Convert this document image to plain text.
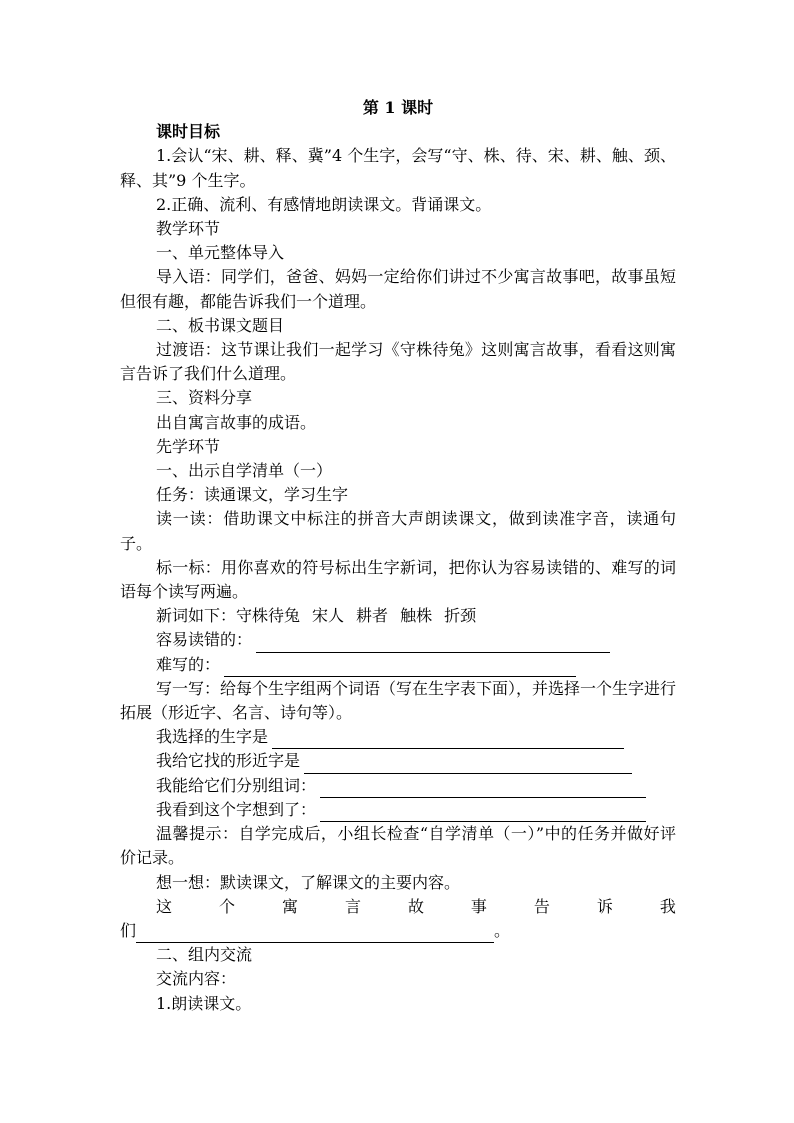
第 1 课时
课时目标
1.会认“宋、耕、释、冀”4 个生字，会写“守、株、待、宋、耕、触、颈、释、其”9 个生字。
2.正确、流利、有感情地朗读课文。背诵课文。
教学环节
一、单元整体导入
导入语：同学们，爸爸、妈妈一定给你们讲过不少寓言故事吧，故事虽短但很有趣，都能告诉我们一个道理。
二、板书课文题目
过渡语：这节课让我们一起学习《守株待兔》这则寓言故事，看看这则寓言告诉了我们什么道理。
三、资料分享
出自寓言故事的成语。
先学环节
一、出示自学清单（一）
任务：读通课文，学习生字
读一读：借助课文中标注的拼音大声朗读课文，做到读准字音，读通句子。
标一标：用你喜欢的符号标出生字新词，把你认为容易读错的、难写的词语每个读写两遍。
新词如下：守株待兔 宋人 耕者 触株 折颈
容易读错的：
难写的：
写一写：给每个生字组两个词语（写在生字表下面），并选择一个生字进行拓展（形近字、名言、诗句等）。
我选择的生字是
我给它找的形近字是
我能给它们分别组词：
我看到这个字想到了：
温馨提示：自学完成后，小组长检查“自学清单（一）”中的任务并做好评价记录。
想一想：默读课文，了解课文的主要内容。
这	个	寓	言	故	事	告	诉	我
们	。
二、组内交流
交流内容：
1.朗读课文。
